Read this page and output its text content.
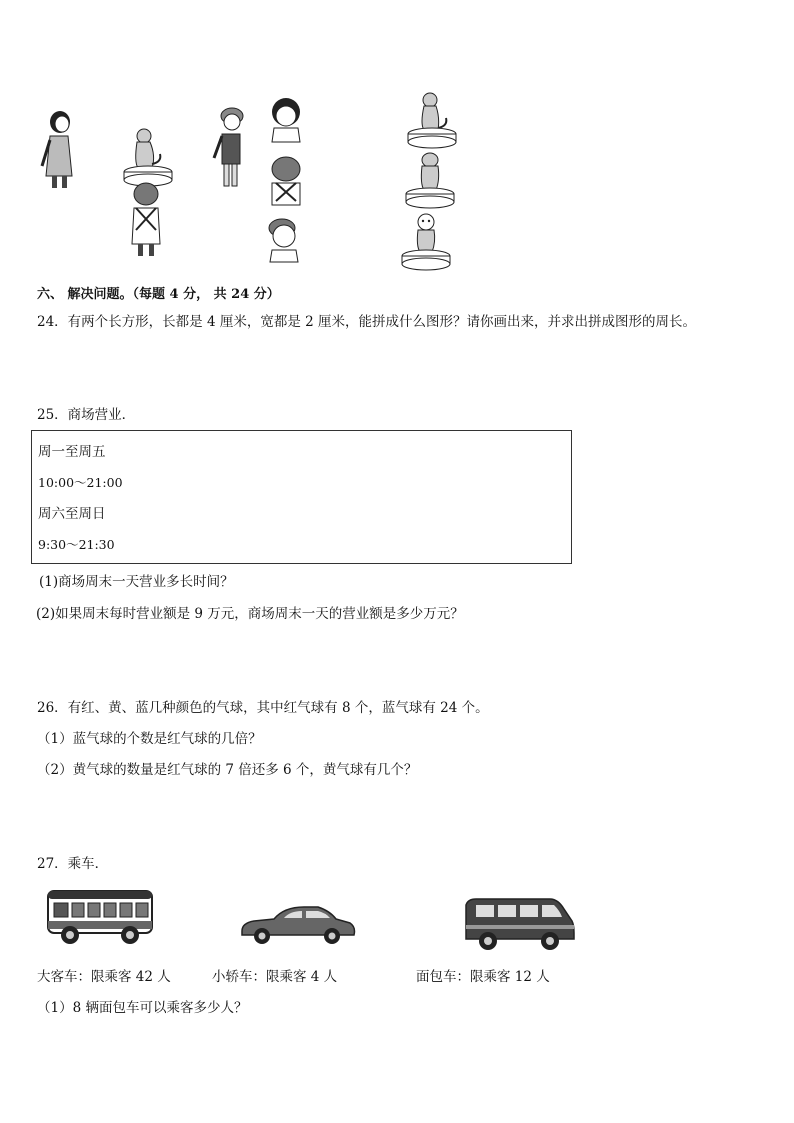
六、 解决问题。（每题 4 分， 共 24 分）
24．有两个长方形，长都是 4 厘米，宽都是 2 厘米，能拼成什么图形？请你画出来，并求出拼成图形的周长。
25．商场营业．
周一至周五
10:00～21:00
周六至周日
9:30～21:30
(1)商场周末一天营业多长时间？
(2)如果周末每时营业额是 9 万元，商场周末一天的营业额是多少万元？
26．有红、黄、蓝几种颜色的气球，其中红气球有 8 个，蓝气球有 24 个。
（1）蓝气球的个数是红气球的几倍？
（2）黄气球的数量是红气球的 7 倍还多 6 个，黄气球有几个？
27．乘车．
大客车：限乘客 42 人	小轿车：限乘客 4 人	面包车：限乘客 12 人
（1）8 辆面包车可以乘客多少人？
